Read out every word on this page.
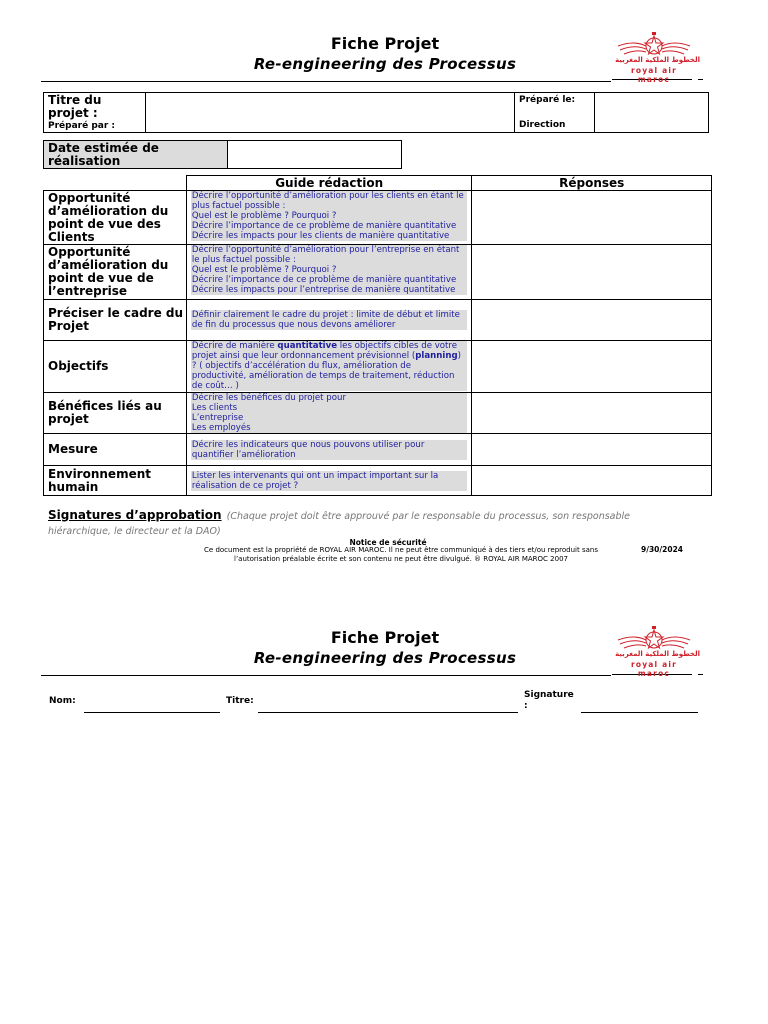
Fiche Projet
Re-engineering des Processus	الخطوط الملكية المغربية
royal air maroc
Titre du projet :
Préparé par :

Préparé le:
Direction

Date estimée de réalisation

	Guide rédaction	Réponses
Opportunité d’amélioration du point de vue des Clients	Décrire l’opportunité d’amélioration pour les clients en étant le plus factuel possible :
Quel est le problème ? Pourquoi ?
Décrire l’importance de ce problème de manière quantitative
Décrire les impacts pour les clients de manière quantitative	

Opportunité d’amélioration du point de vue de l’entreprise	Décrire l’opportunité d’amélioration pour l’entreprise en étant le plus factuel possible :
Quel est le problème ? Pourquoi ?
Décrire l’importance de ce problème de manière quantitative
Décrire les impacts pour l’entreprise de manière quantitative	

Préciser le cadre du Projet	Définir clairement le cadre du projet : limite de début et limite de fin du processus que nous devons améliorer	

Objectifs	Décrire de manière quantitative les objectifs cibles de votre projet ainsi que leur ordonnancement prévisionnel (planning) ? ( objectifs d’accélération du flux, amélioration de productivité, amélioration de temps de traitement, réduction de coût… )	

Bénéfices liés au projet	Décrire les bénéfices du projet pour
Les clients
L’entreprise
Les employés	

Mesure	Décrire les indicateurs que nous pouvons utiliser pour quantifier l’amélioration	

Environnement humain	Lister les intervenants qui ont un impact important sur la réalisation de ce projet ?	

Signatures d’approbation (Chaque projet doit être approuvé par le responsable du processus, son responsable hiérarchique, le directeur et la DAO)
Notice de sécurité
Ce document est la propriété de ROYAL AIR MAROC. Il ne peut être communiqué à des tiers et/ou reproduit sans
l’autorisation préalable écrite et son contenu ne peut être divulgué. ® ROYAL AIR MAROC 2007
9/30/2024
Fiche Projet
Re-engineering des Processus	الخطوط الملكية المغربية
royal air maroc
Nom:	Titre:
Signature
:
